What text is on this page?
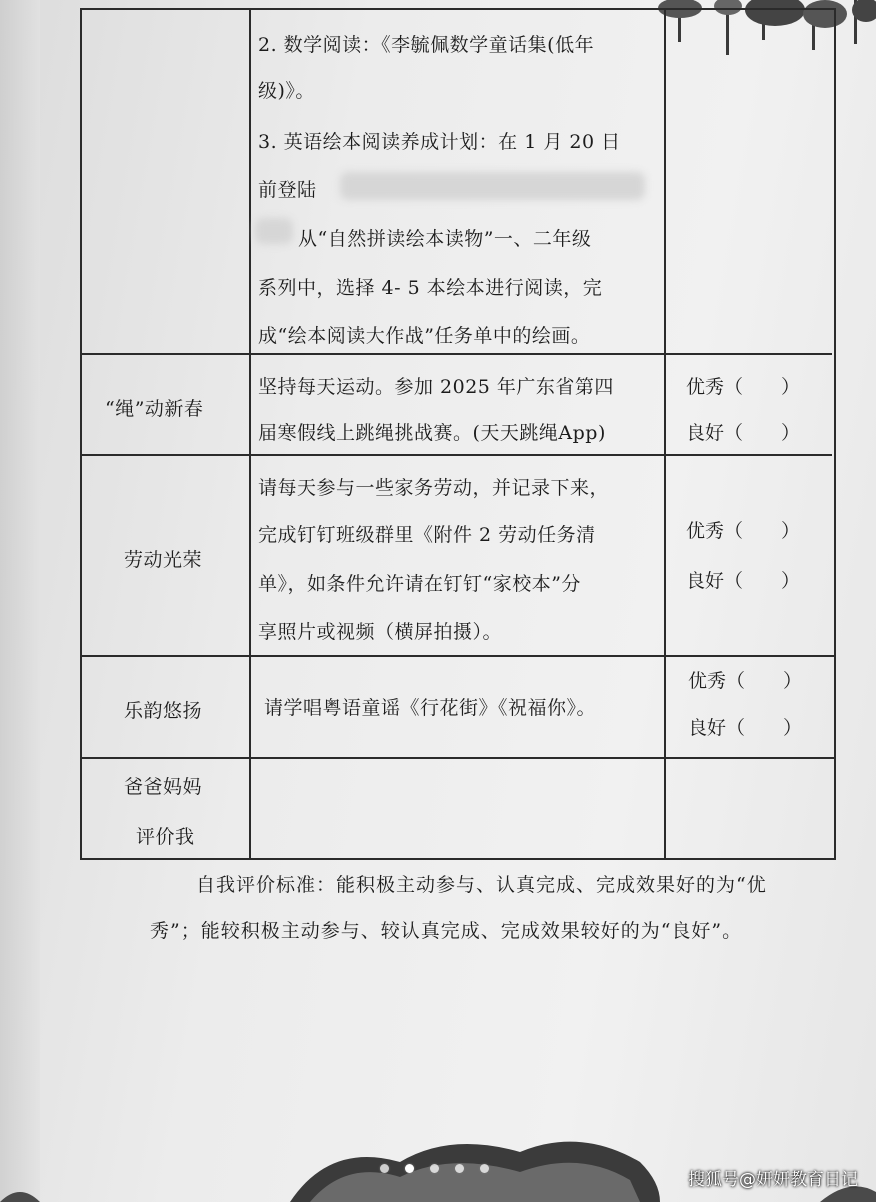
2. 数学阅读：《李毓佩数学童话集(低年
级)》。
3. 英语绘本阅读养成计划：在 1 月 20 日
前登陆
从“自然拼读绘本读物”一、二年级
系列中，选择 4- 5 本绘本进行阅读，完
成“绘本阅读大作战”任务单中的绘画。
“绳”动新春
坚持每天运动。参加 2025 年广东省第四
届寒假线上跳绳挑战赛。(天天跳绳App)
优秀（　　）
良好（　　）
劳动光荣
请每天参与一些家务劳动，并记录下来，
完成钉钉班级群里《附件 2 劳动任务清
单》，如条件允许请在钉钉“家校本”分
享照片或视频（横屏拍摄）。
优秀（　　）
良好（　　）
乐韵悠扬	请学唱粤语童谣《行花街》《祝福你》。
优秀（　　）
良好（　　）
爸爸妈妈
评价我
自我评价标准：能积极主动参与、认真完成、完成效果好的为“优
秀”；能较积极主动参与、较认真完成、完成效果较好的为“良好”。
搜狐号@妍妍教育日记
